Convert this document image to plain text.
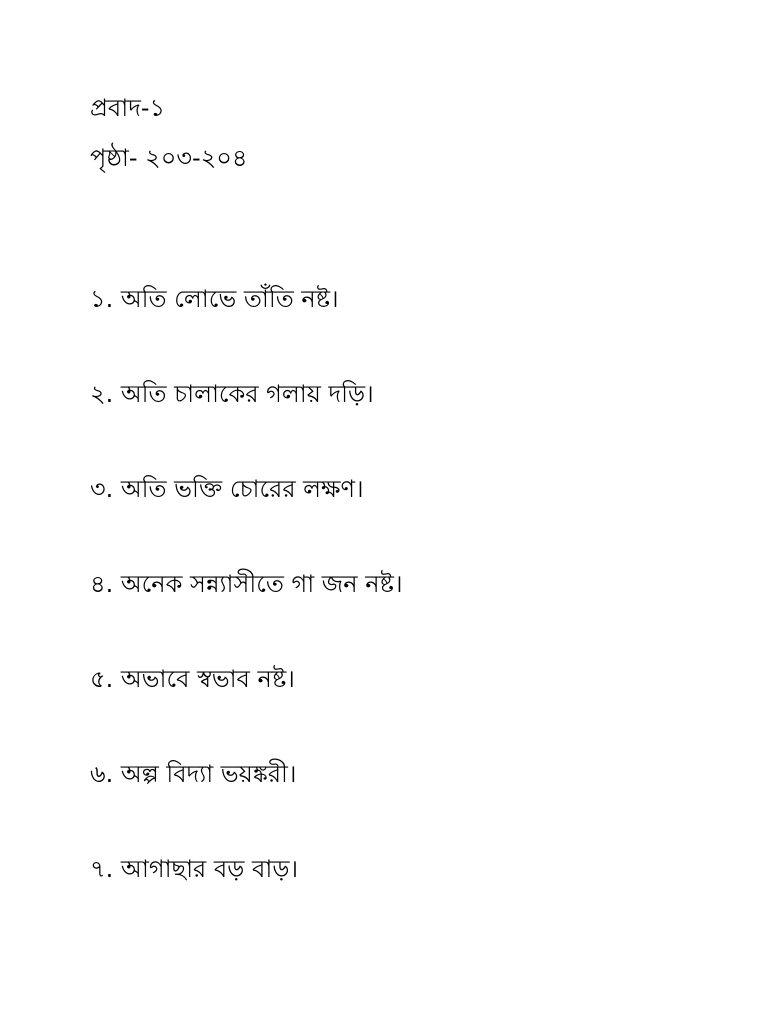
প্রবাদ-১
পৃষ্ঠা- ২০৩-২০৪
১. অতি লোভে তাঁতি নষ্ট।
২. অতি চালাকের গলায় দড়ি।
৩. অতি ভক্তি চোরের লক্ষণ।
৪. অনেক সন্ন্যাসীতে গা জন নষ্ট।
৫. অভাবে স্বভাব নষ্ট।
৬. অল্প বিদ্যা ভয়ঙ্করী।
৭. আগাছার বড় বাড়।
